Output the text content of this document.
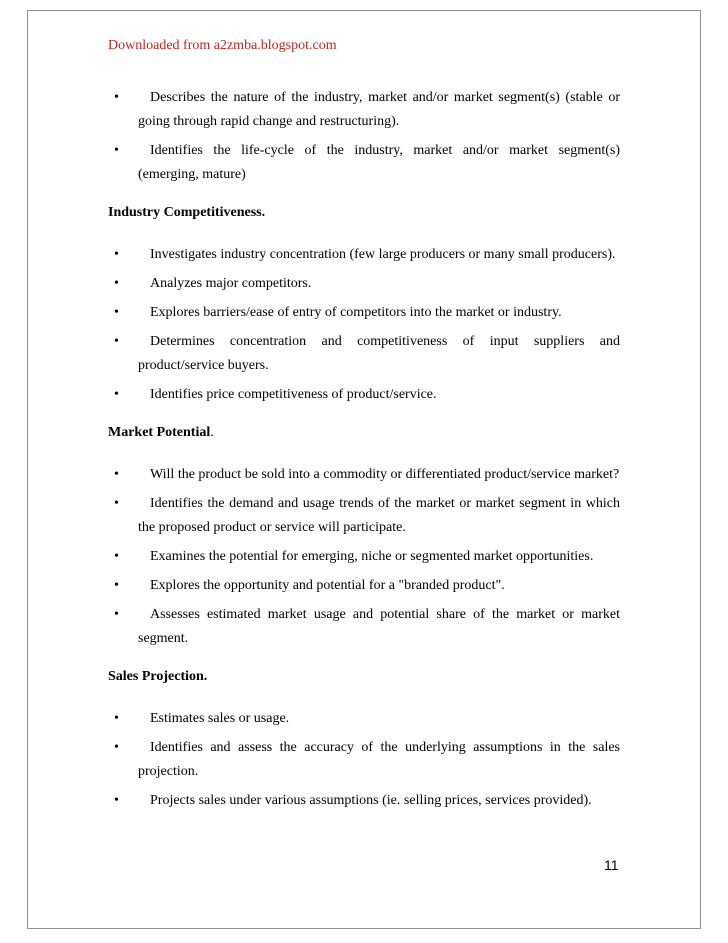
Downloaded from a2zmba.blogspot.com
• Describes the nature of the industry, market and/or market segment(s) (stable or going through rapid change and restructuring).
• Identifies the life-cycle of the industry, market and/or market segment(s) (emerging, mature)
Industry Competitiveness.
• Investigates industry concentration (few large producers or many small producers).
• Analyzes major competitors.
• Explores barriers/ease of entry of competitors into the market or industry.
• Determines concentration and competitiveness of input suppliers and product/service buyers.
• Identifies price competitiveness of product/service.
Market Potential.
• Will the product be sold into a commodity or differentiated product/service market?
• Identifies the demand and usage trends of the market or market segment in which the proposed product or service will participate.
• Examines the potential for emerging, niche or segmented market opportunities.
• Explores the opportunity and potential for a "branded product".
• Assesses estimated market usage and potential share of the market or market segment.
Sales Projection.
• Estimates sales or usage.
• Identifies and assess the accuracy of the underlying assumptions in the sales projection.
• Projects sales under various assumptions (ie. selling prices, services provided).
11
